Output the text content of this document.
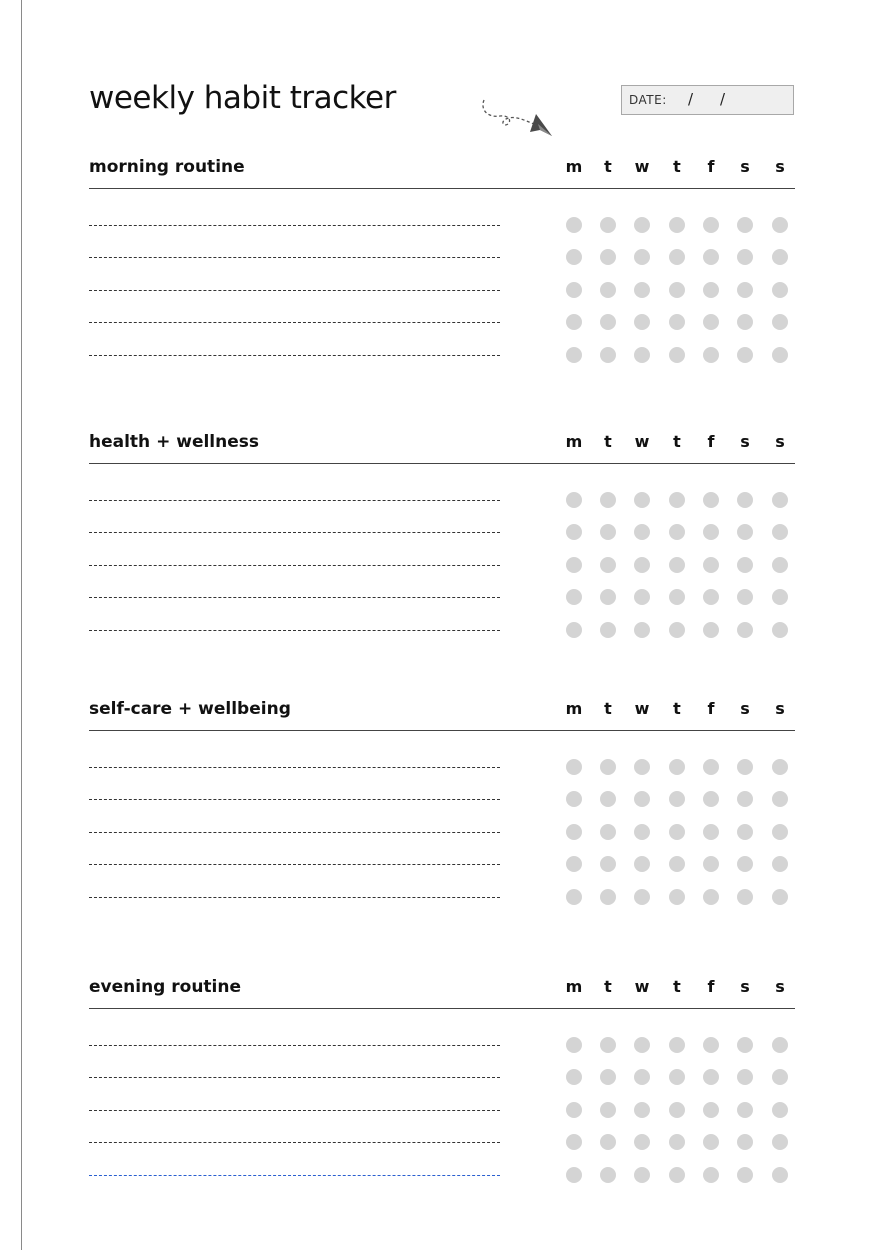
weekly habit tracker	DATE: / /
morning routine	m	t	w	t	f	s	s
health + wellness	m	t	w	t	f	s	s
self-care + wellbeing	m	t	w	t	f	s	s
evening routine	m	t	w	t	f	s	s
